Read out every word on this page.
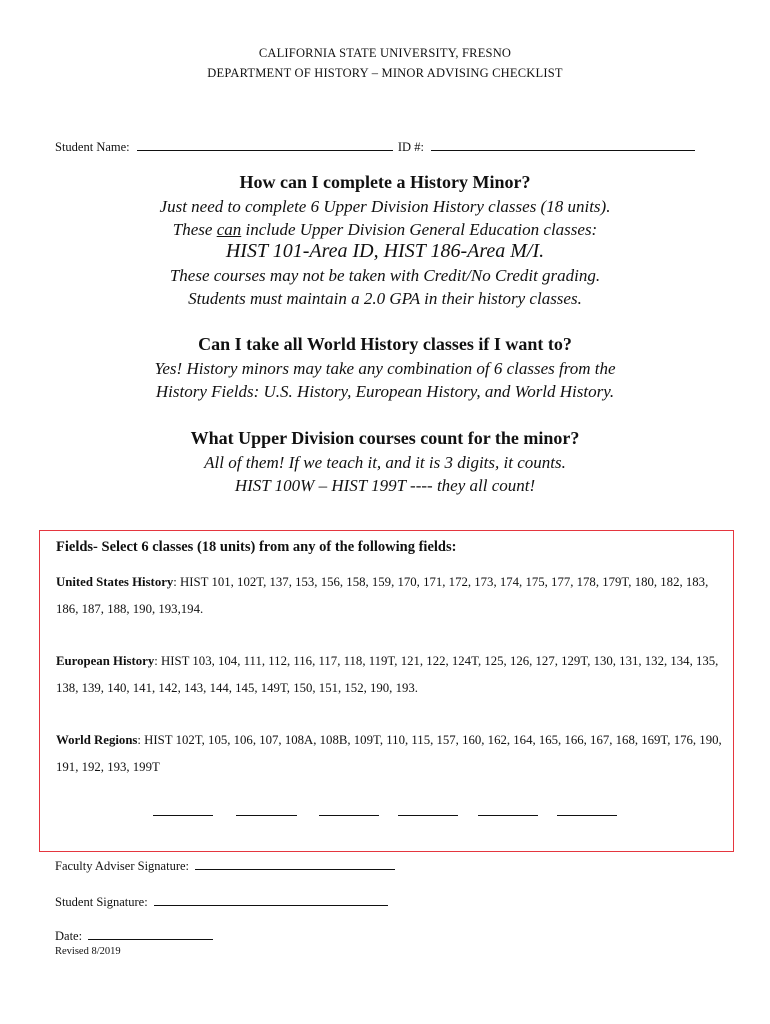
CALIFORNIA STATE UNIVERSITY, FRESNO
DEPARTMENT OF HISTORY – MINOR ADVISING CHECKLIST
Student Name:	ID #:
How can I complete a History Minor?
Just need to complete 6 Upper Division History classes (18 units).
These can include Upper Division General Education classes:
HIST 101-Area ID, HIST 186-Area M/I.
These courses may not be taken with Credit/No Credit grading.
Students must maintain a 2.0 GPA in their history classes.
Can I take all World History classes if I want to?
Yes! History minors may take any combination of 6 classes from the
History Fields: U.S. History, European History, and World History.
What Upper Division courses count for the minor?
All of them! If we teach it, and it is 3 digits, it counts.
HIST 100W – HIST 199T ---- they all count!
Fields- Select 6 classes (18 units) from any of the following fields:
United States History: HIST 101, 102T, 137, 153, 156, 158, 159, 170, 171, 172, 173, 174, 175, 177, 178, 179T, 180, 182, 183, 186, 187, 188, 190, 193,194.
European History: HIST 103, 104, 111, 112, 116, 117, 118, 119T, 121, 122, 124T, 125, 126, 127, 129T, 130, 131, 132, 134, 135, 138, 139, 140, 141, 142, 143, 144, 145, 149T, 150, 151, 152, 190, 193.
World Regions: HIST 102T, 105, 106, 107, 108A, 108B, 109T, 110, 115, 157, 160, 162, 164, 165, 166, 167, 168, 169T, 176, 190, 191, 192, 193, 199T
Faculty Adviser Signature:
Student Signature:
Date:
Revised 8/2019
